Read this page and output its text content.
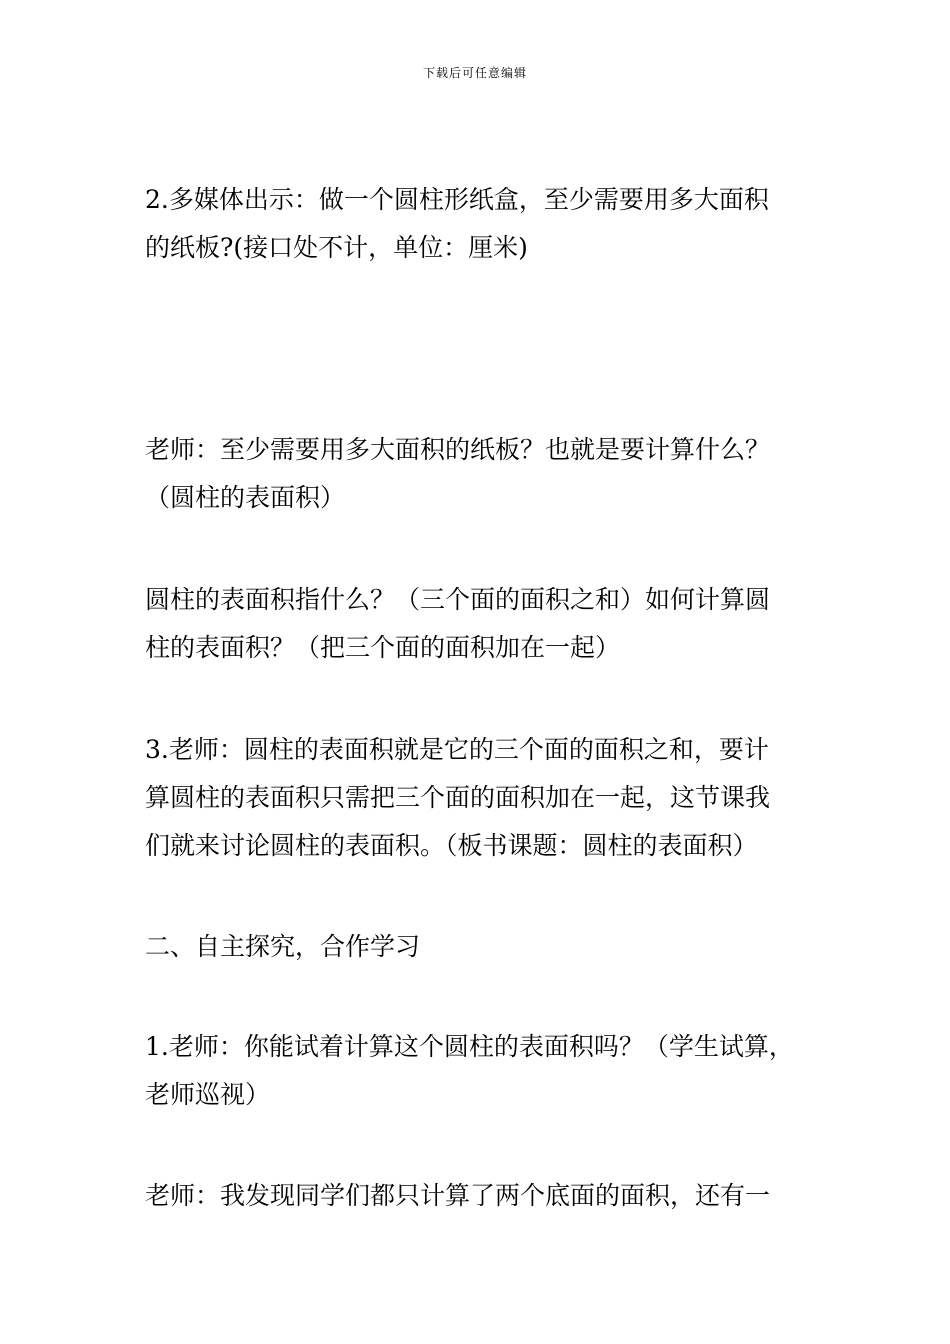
下载后可任意编辑
2.多媒体出示：做一个圆柱形纸盒，至少需要用多大面积
的纸板?(接口处不计，单位：厘米)
老师：至少需要用多大面积的纸板？也就是要计算什么？
（圆柱的表面积）
圆柱的表面积指什么？（三个面的面积之和）如何计算圆
柱的表面积？（把三个面的面积加在一起）
3.老师：圆柱的表面积就是它的三个面的面积之和，要计
算圆柱的表面积只需把三个面的面积加在一起，这节课我
们就来讨论圆柱的表面积。（板书课题：圆柱的表面积）
二、自主探究，合作学习
1.老师：你能试着计算这个圆柱的表面积吗？（学生试算，
老师巡视）
老师：我发现同学们都只计算了两个底面的面积，还有一
